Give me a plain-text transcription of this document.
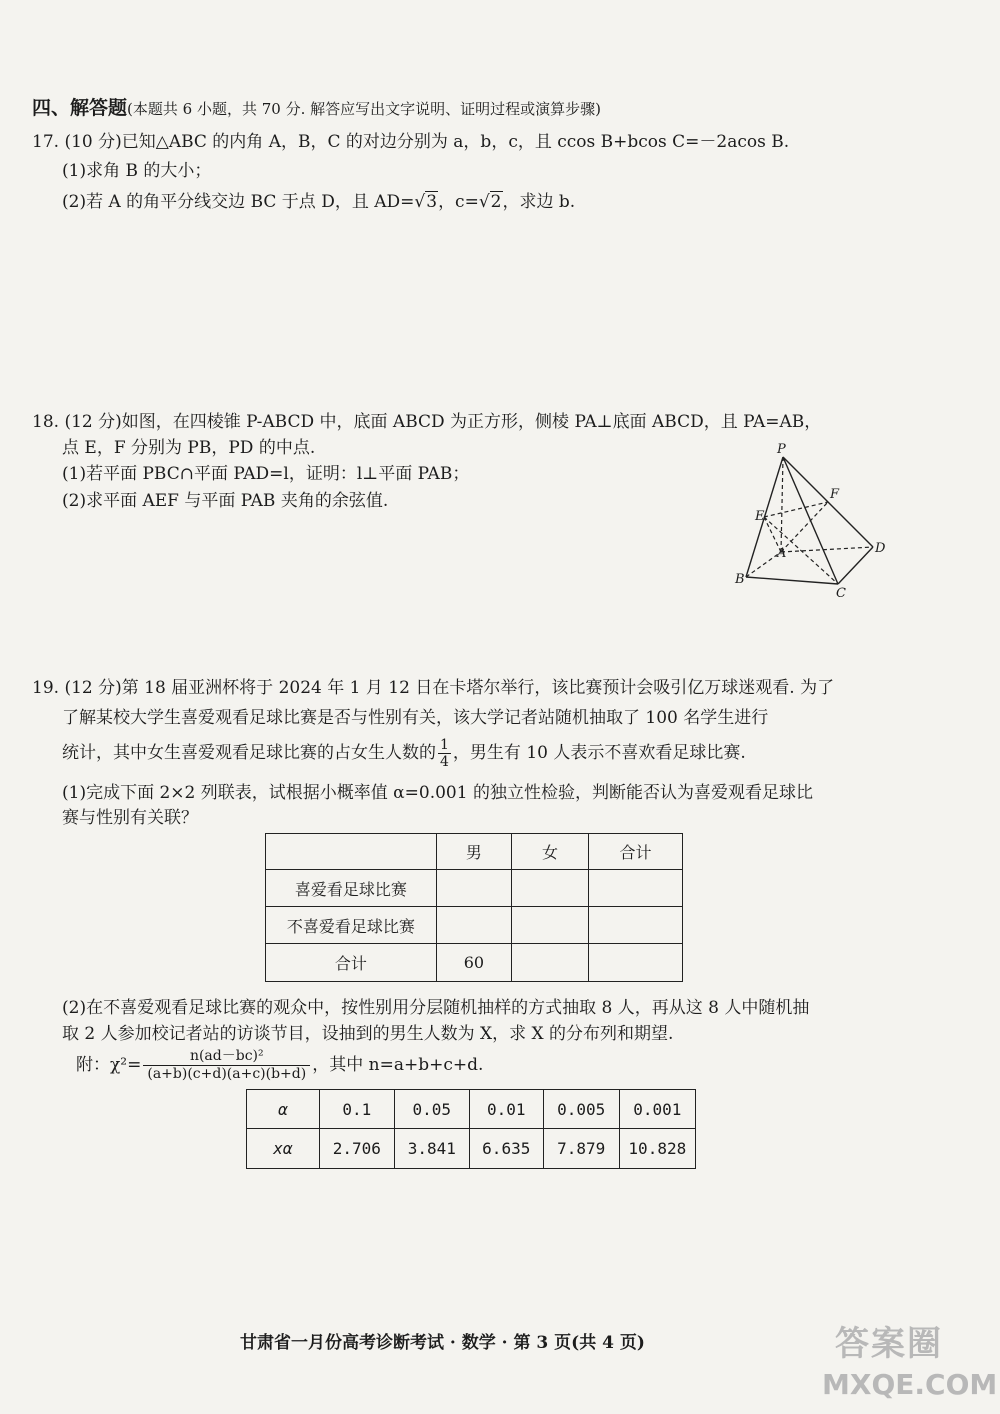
四、解答题(本题共 6 小题，共 70 分. 解答应写出文字说明、证明过程或演算步骤)
17. (10 分)已知△ABC 的内角 A，B，C 的对边分别为 a，b，c，且 ccos B+bcos C=－2acos B.
(1)求角 B 的大小；
(2)若 A 的角平分线交边 BC 于点 D，且 AD=√3，c=√2，求边 b.
18. (12 分)如图，在四棱锥 P-ABCD 中，底面 ABCD 为正方形，侧棱 PA⊥底面 ABCD，且 PA=AB，
点 E，F 分别为 PB，PD 的中点.
(1)若平面 PBC∩平面 PAD=l，证明：l⊥平面 PAB；
(2)求平面 AEF 与平面 PAB 夹角的余弦值.
P
F
E
A	D
B
C
19. (12 分)第 18 届亚洲杯将于 2024 年 1 月 12 日在卡塔尔举行，该比赛预计会吸引亿万球迷观看. 为了
了解某校大学生喜爱观看足球比赛是否与性别有关，该大学记者站随机抽取了 100 名学生进行
统计，其中女生喜爱观看足球比赛的占女生人数的 $\frac{1}{4}$ ，男生有 10 人表示不喜欢看足球比赛.
(1)完成下面 2×2 列联表，试根据小概率值 α=0.001 的独立性检验，判断能否认为喜爱观看足球比
赛与性别有关联？
	男	女	合计
喜爱看足球比赛			
不喜爱看足球比赛			
合计	60		
(2)在不喜爱观看足球比赛的观众中，按性别用分层随机抽样的方式抽取 8 人，再从这 8 人中随机抽
取 2 人参加校记者站的访谈节目，设抽到的男生人数为 X，求 X 的分布列和期望.
附：$\chi^2= \frac{\text{n(ad－bc)²}}{(a+b)(c+d)(a+c)(b+d)}$ ，其中 n=a+b+c+d.
α	0.1	0.05	0.01	0.005	0.001
xα	2.706	3.841	6.635	7.879	10.828
甘肃省一月份高考诊断考试 · 数学 · 第 3 页(共 4 页)	答案圈
MXQE.COM
